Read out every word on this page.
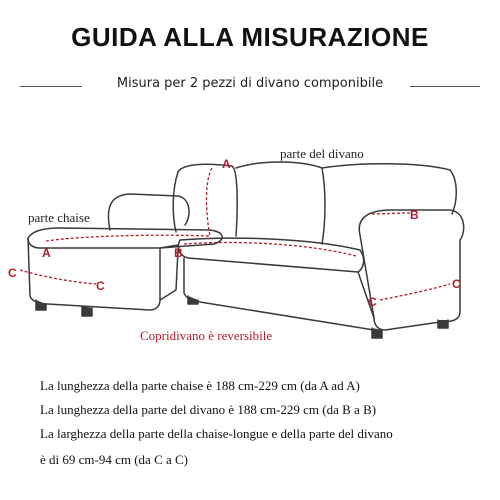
GUIDA ALLA MISURAZIONE
Misura per 2 pezzi di divano componibile
A
A	B
B
C
C
C
C
parte del divano
parte chaise
Copridivano è reversibile
La lunghezza della parte chaise è 188 cm-229 cm (da A ad A)
La lunghezza della parte del divano è 188 cm-229 cm (da B a B)
La larghezza della parte della chaise-longue e della parte del divano
è di 69 cm-94 cm (da C a C)
